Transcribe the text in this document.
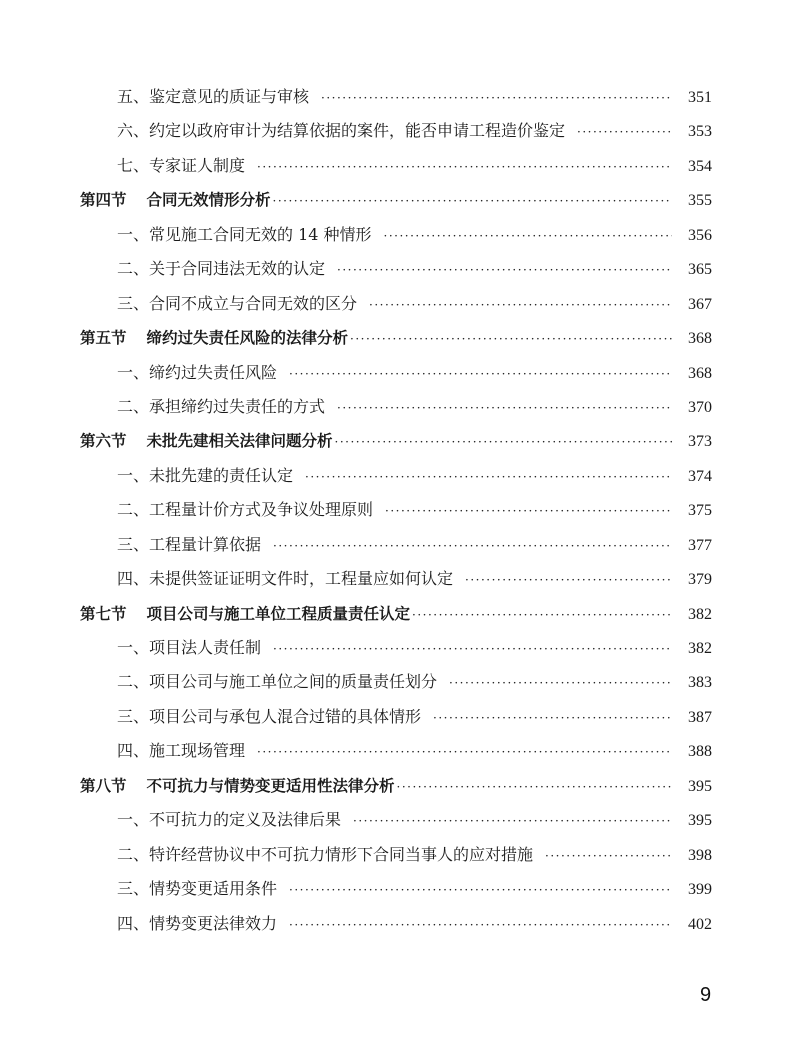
五、鉴定意见的质证与审核 ·····	351
六、约定以政府审计为结算依据的案件，能否申请工程造价鉴定 ·····	353
七、专家证人制度 ·····	354
第四节 合同无效情形分析 ·····	355
一、常见施工合同无效的 14 种情形 ·····	356
二、关于合同违法无效的认定 ·····	365
三、合同不成立与合同无效的区分 ·····	367
第五节 缔约过失责任风险的法律分析 ·····	368
一、缔约过失责任风险 ·····	368
二、承担缔约过失责任的方式 ·····	370
第六节 未批先建相关法律问题分析 ·····	373
一、未批先建的责任认定 ·····	374
二、工程量计价方式及争议处理原则 ·····	375
三、工程量计算依据 ·····	377
四、未提供签证证明文件时，工程量应如何认定 ·····	379
第七节 项目公司与施工单位工程质量责任认定 ·····	382
一、项目法人责任制 ·····	382
二、项目公司与施工单位之间的质量责任划分 ·····	383
三、项目公司与承包人混合过错的具体情形 ·····	387
四、施工现场管理 ·····	388
第八节 不可抗力与情势变更适用性法律分析 ·····	395
一、不可抗力的定义及法律后果 ·····	395
二、特许经营协议中不可抗力情形下合同当事人的应对措施 ·····	398
三、情势变更适用条件 ·····	399
四、情势变更法律效力 ·····	402
9
